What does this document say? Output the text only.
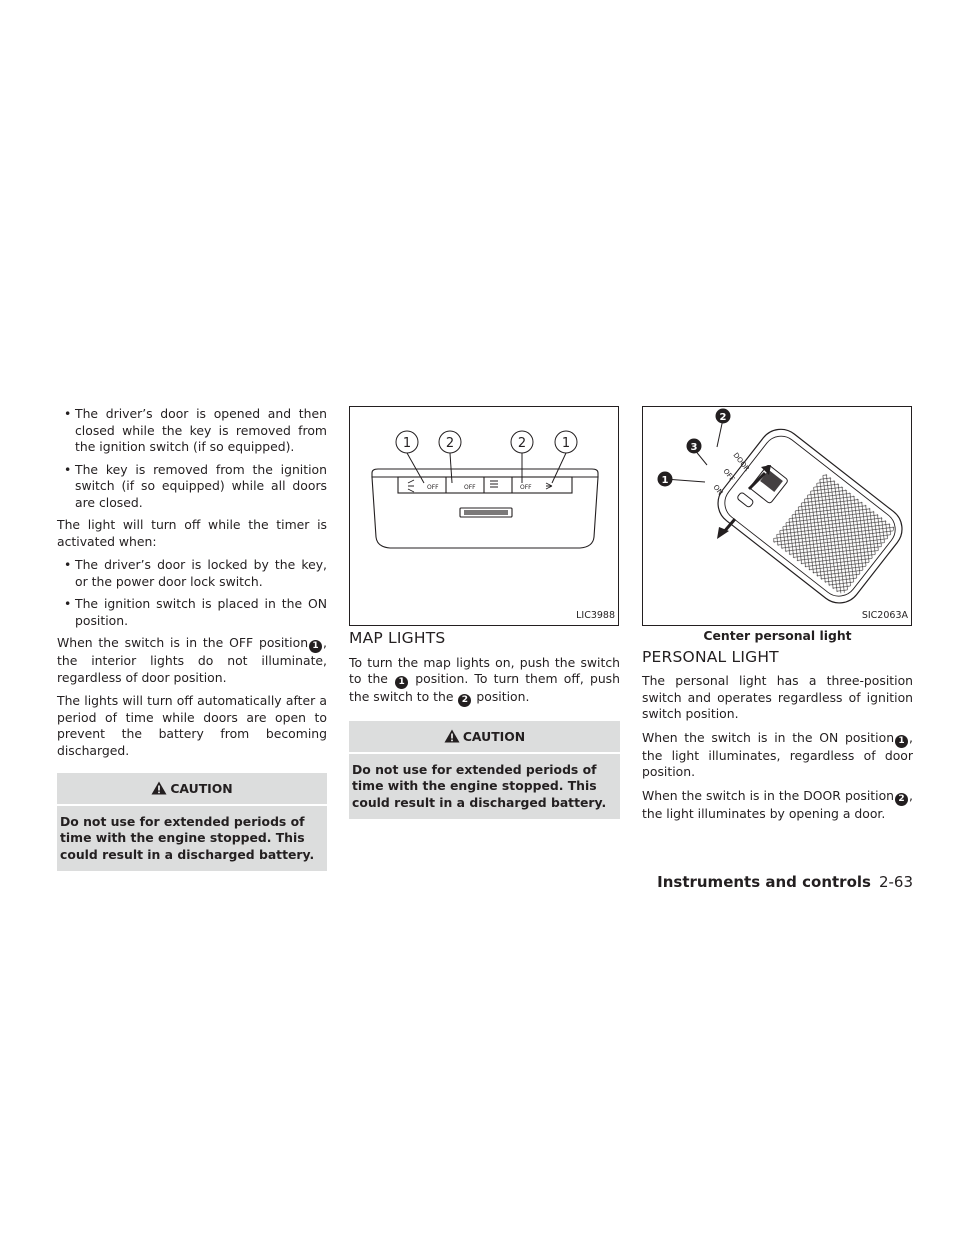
• The driver’s door is opened and then closed while the key is removed from the ignition switch (if so equipped).
• The key is removed from the ignition switch (if so equipped) while all doors are closed.

The light will turn off while the timer is activated when:

• The driver’s door is locked by the key, or the power door lock switch.
• The ignition switch is placed in the ON position.

When the switch is in the OFF position 1 , the interior lights do not illuminate, regardless of door position.

The lights will turn off automatically after a period of time while doors are open to prevent the battery from becoming discharged.

CAUTION
Do not use for extended periods of time with the engine stopped. This could result in a discharged battery.
OFF	OFF	OFF
1	2	2	1
LIC3988
MAP LIGHTS

To turn the map lights on, push the switch to the 1 position. To turn them off, push the switch to the 2 position.

CAUTION
Do not use for extended periods of time with the engine stopped. This could result in a discharged battery.
ON
OFF
DOOR
2
3
1
SIC2063A
Center personal light
PERSONAL LIGHT

The personal light has a three-position switch and operates regardless of ignition switch position.

When the switch is in the ON position 1 , the light illuminates, regardless of door position.

When the switch is in the DOOR position 2 , the light illuminates by opening a door.

Instruments and controls 2-63
